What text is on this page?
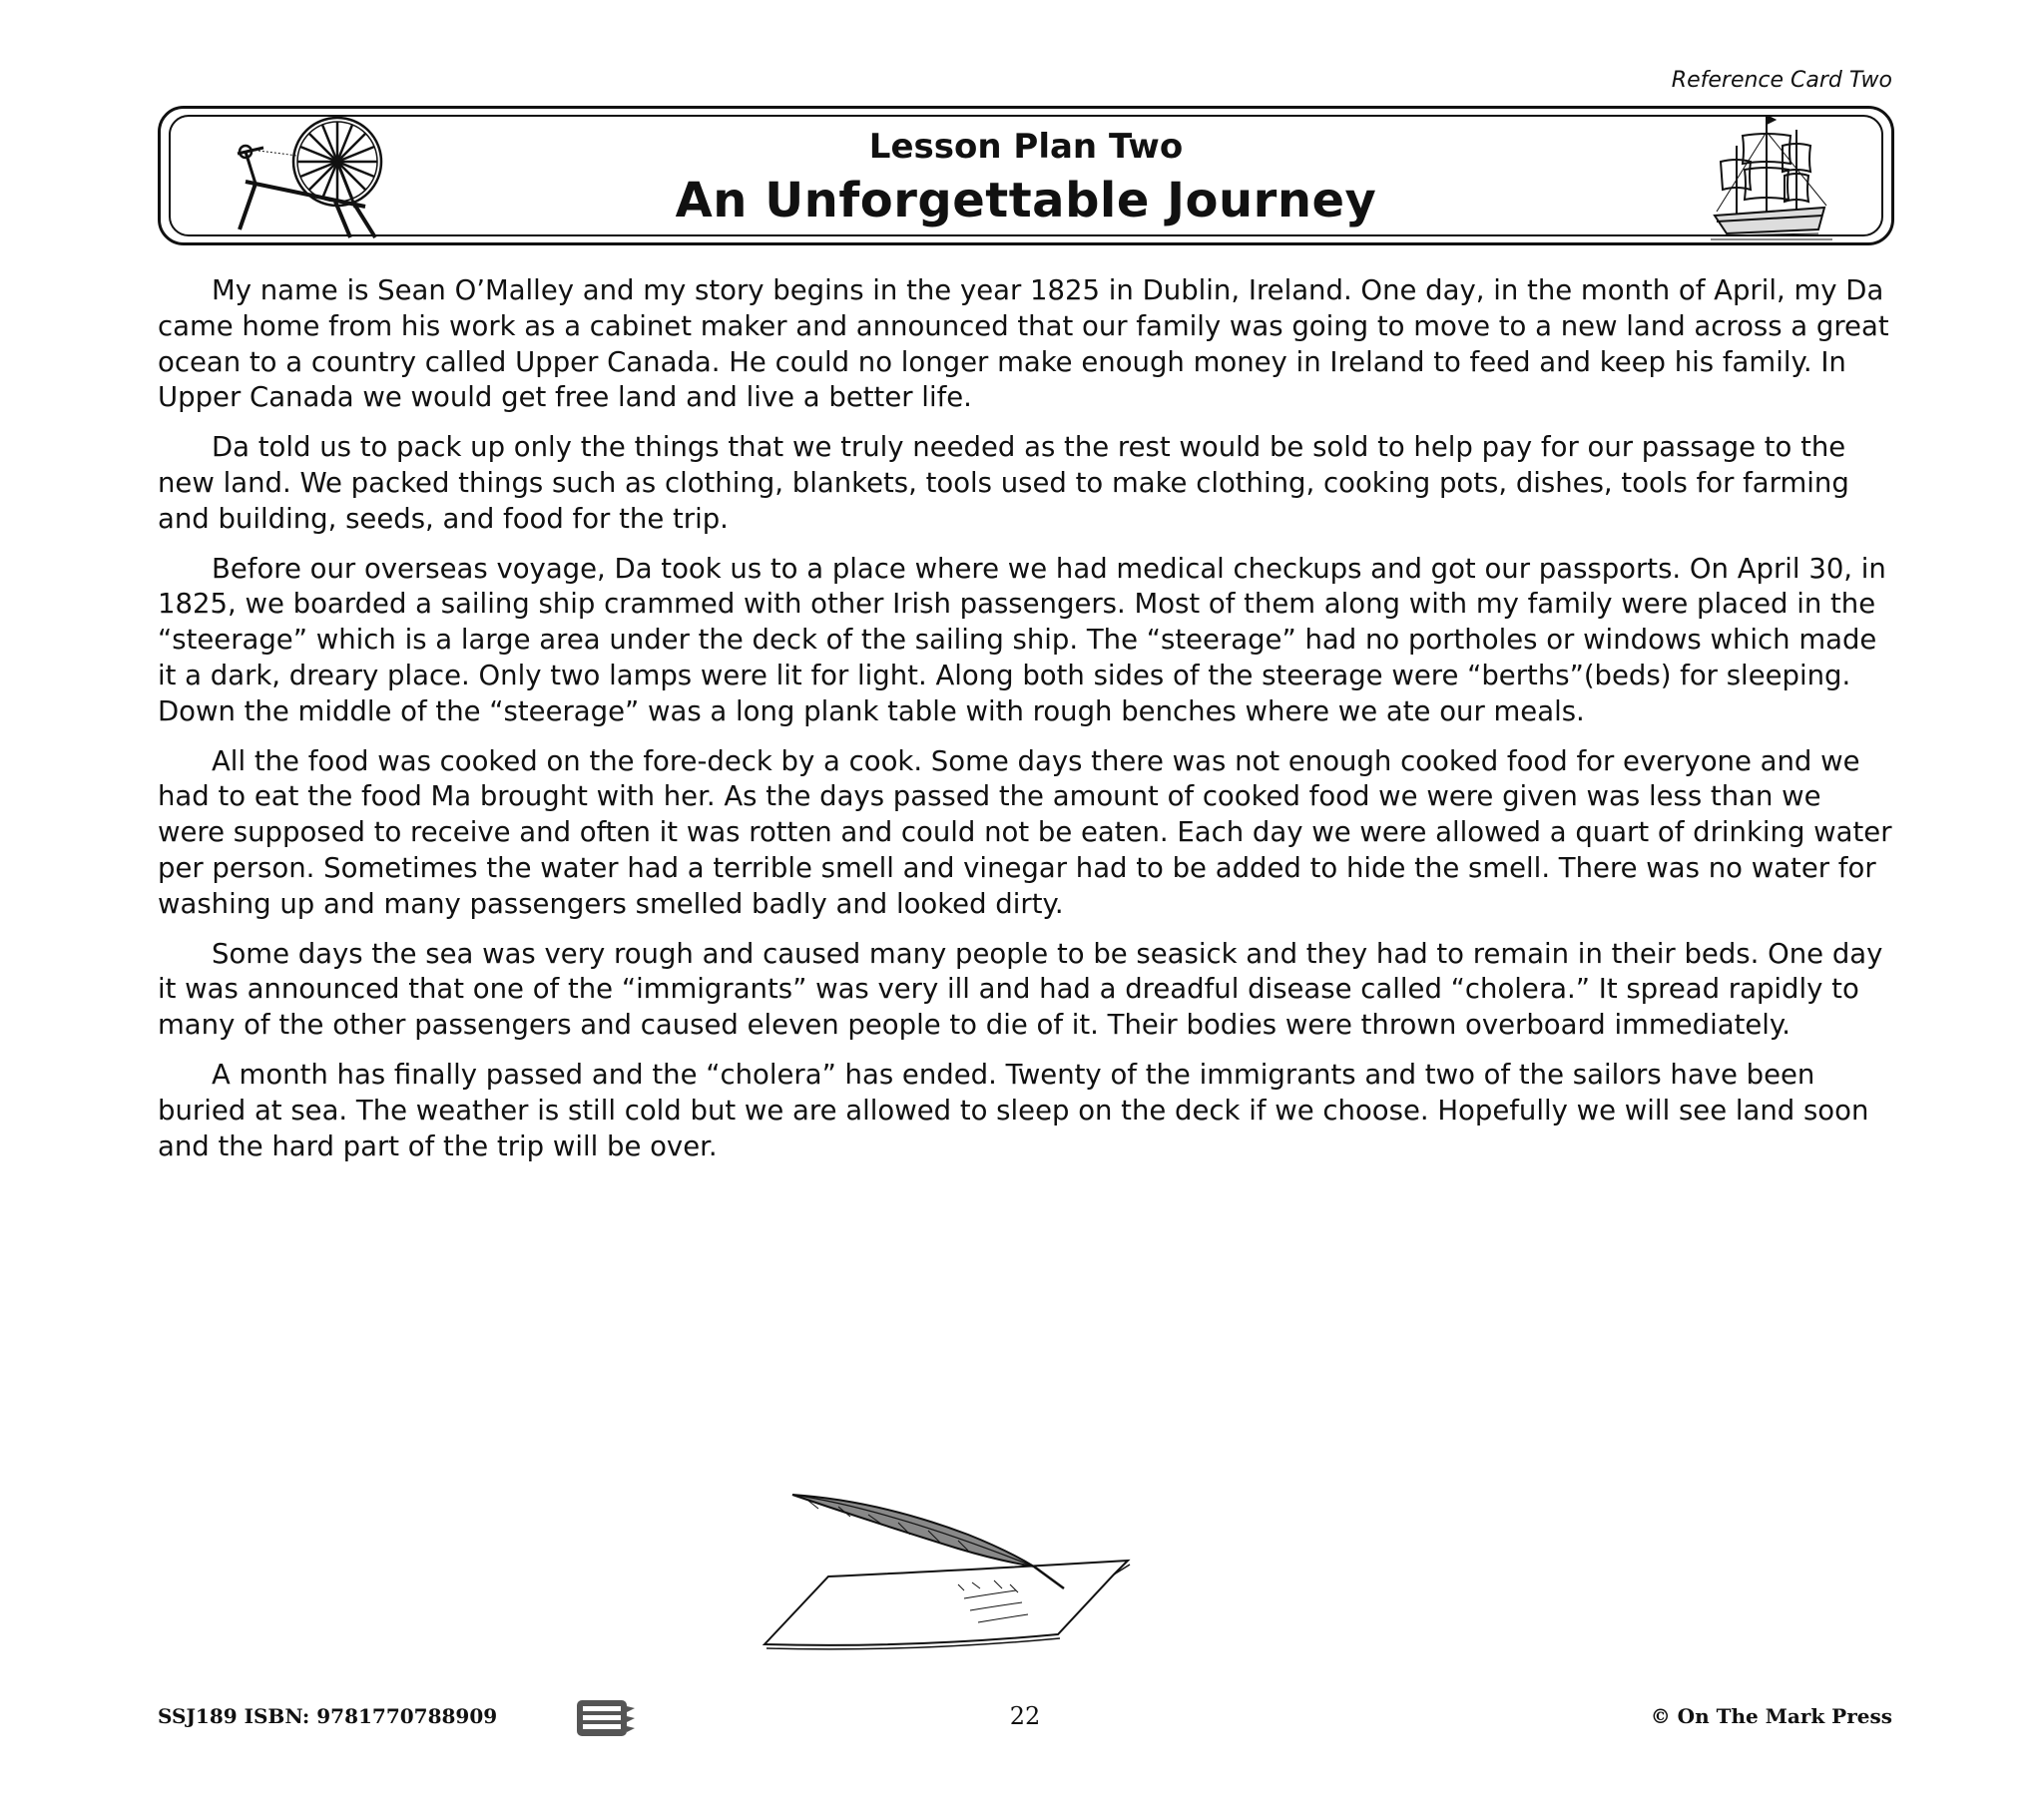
Reference Card Two
Lesson Plan Two
An Unforgettable Journey

My name is Sean O’Malley and my story begins in the year 1825 in Dublin, Ireland. One day, in the month of April, my Da came home from his work as a cabinet maker and announced that our family was going to move to a new land across a great ocean to a country called Upper Canada. He could no longer make enough money in Ireland to feed and keep his family. In Upper Canada we would get free land and live a better life.

Da told us to pack up only the things that we truly needed as the rest would be sold to help pay for our passage to the new land. We packed things such as clothing, blankets, tools used to make clothing, cooking pots, dishes, tools for farming and building, seeds, and food for the trip.

Before our overseas voyage, Da took us to a place where we had medical checkups and got our passports. On April 30, in 1825, we boarded a sailing ship crammed with other Irish passengers. Most of them along with my family were placed in the “steerage” which is a large area under the deck of the sailing ship. The “steerage” had no portholes or windows which made it a dark, dreary place. Only two lamps were lit for light. Along both sides of the steerage were “berths”(beds) for sleeping. Down the middle of the “steerage” was a long plank table with rough benches where we ate our meals.

All the food was cooked on the fore-deck by a cook. Some days there was not enough cooked food for everyone and we had to eat the food Ma brought with her. As the days passed the amount of cooked food we were given was less than we were supposed to receive and often it was rotten and could not be eaten. Each day we were allowed a quart of drinking water per person. Sometimes the water had a terrible smell and vinegar had to be added to hide the smell. There was no water for washing up and many passengers smelled badly and looked dirty.

Some days the sea was very rough and caused many people to be seasick and they had to remain in their beds. One day it was announced that one of the “immigrants” was very ill and had a dreadful disease called “cholera.” It spread rapidly to many of the other passengers and caused eleven people to die of it. Their bodies were thrown overboard immediately.

A month has finally passed and the “cholera” has ended. Twenty of the immigrants and two of the sailors have been buried at sea. The weather is still cold but we are allowed to sleep on the deck if we choose. Hopefully we will see land soon and the hard part of the trip will be over.

SSJ189 ISBN: 9781770788909	22	© On The Mark Press
